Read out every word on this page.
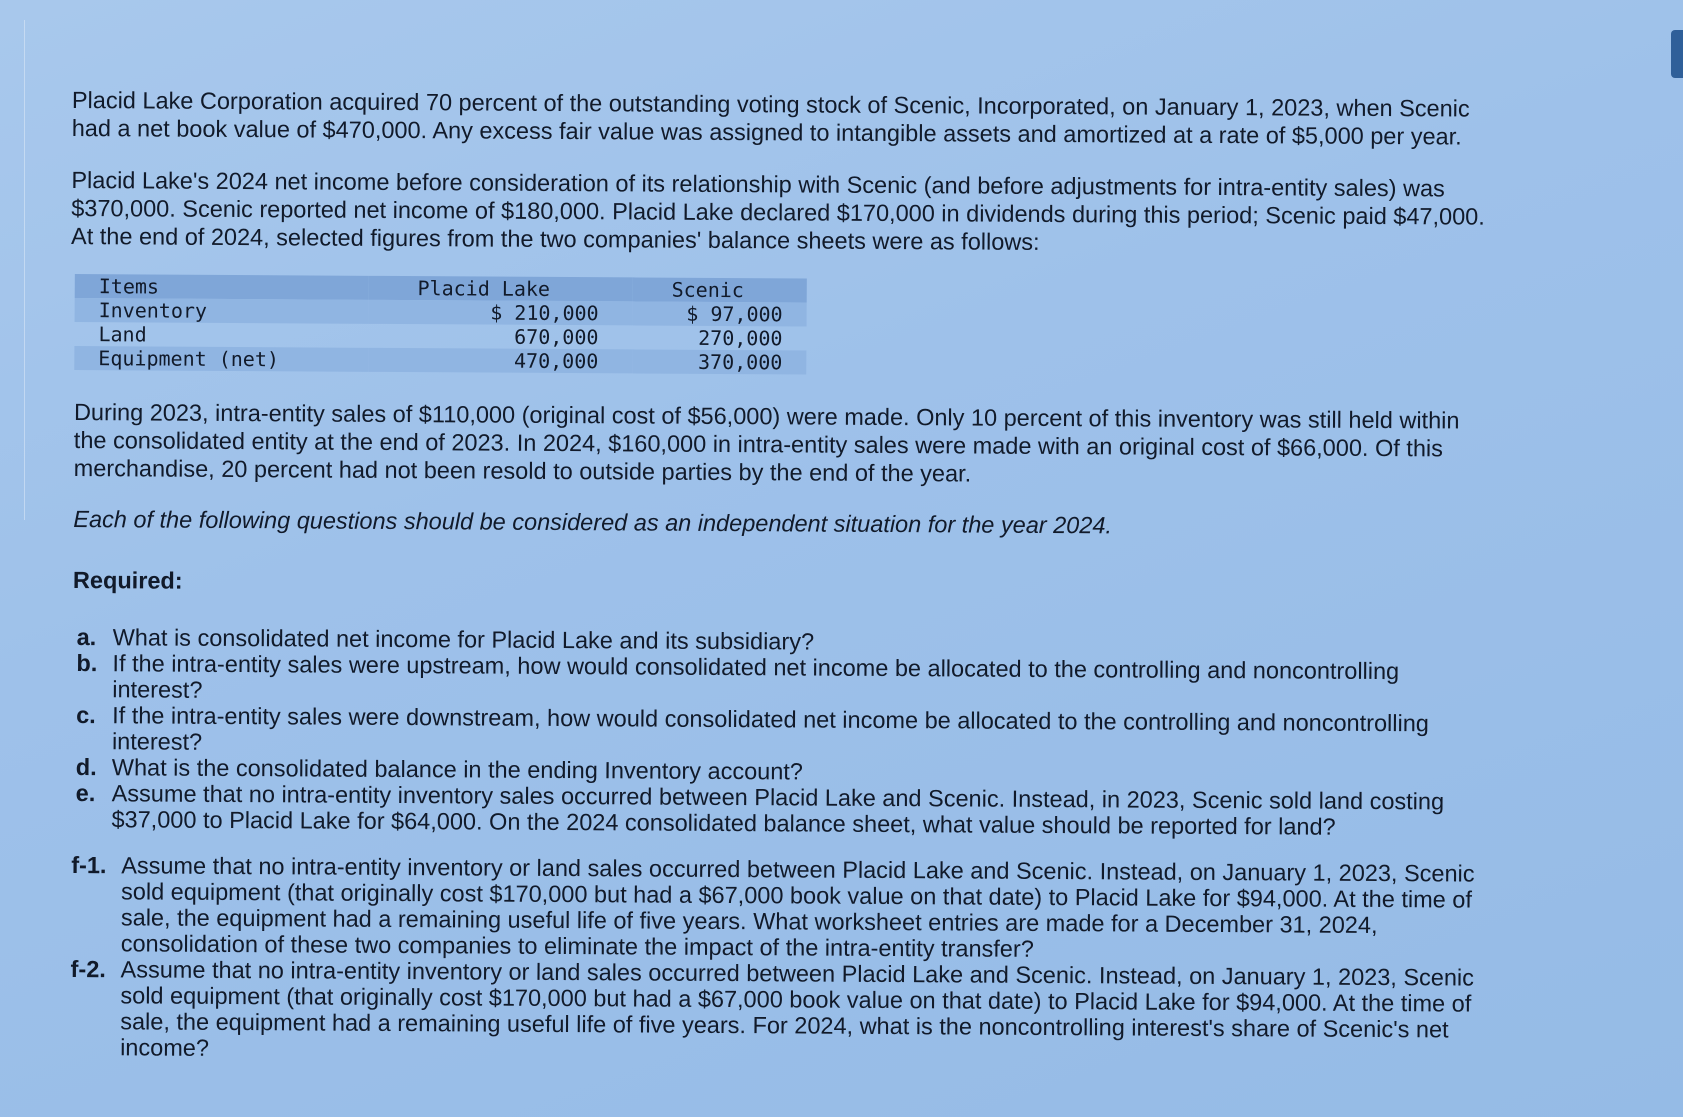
Placid Lake Corporation acquired 70 percent of the outstanding voting stock of Scenic, Incorporated, on January 1, 2023, when Scenic had a net book value of $470,000. Any excess fair value was assigned to intangible assets and amortized at a rate of $5,000 per year.

Placid Lake's 2024 net income before consideration of its relationship with Scenic (and before adjustments for intra-entity sales) was $370,000. Scenic reported net income of $180,000. Placid Lake declared $170,000 in dividends during this period; Scenic paid $47,000. At the end of 2024, selected figures from the two companies' balance sheets were as follows:

Items	Placid Lake	Scenic
Inventory	$ 210,000	$ 97,000
Land	670,000	270,000
Equipment (net)	470,000	370,000

During 2023, intra-entity sales of $110,000 (original cost of $56,000) were made. Only 10 percent of this inventory was still held within the consolidated entity at the end of 2023. In 2024, $160,000 in intra-entity sales were made with an original cost of $66,000. Of this merchandise, 20 percent had not been resold to outside parties by the end of the year.

Each of the following questions should be considered as an independent situation for the year 2024.

Required:

a. What is consolidated net income for Placid Lake and its subsidiary?
b. If the intra-entity sales were upstream, how would consolidated net income be allocated to the controlling and noncontrolling interest?
c. If the intra-entity sales were downstream, how would consolidated net income be allocated to the controlling and noncontrolling interest?
d. What is the consolidated balance in the ending Inventory account?
e. Assume that no intra-entity inventory sales occurred between Placid Lake and Scenic. Instead, in 2023, Scenic sold land costing $37,000 to Placid Lake for $64,000. On the 2024 consolidated balance sheet, what value should be reported for land?
f-1. Assume that no intra-entity inventory or land sales occurred between Placid Lake and Scenic. Instead, on January 1, 2023, Scenic sold equipment (that originally cost $170,000 but had a $67,000 book value on that date) to Placid Lake for $94,000. At the time of sale, the equipment had a remaining useful life of five years. What worksheet entries are made for a December 31, 2024, consolidation of these two companies to eliminate the impact of the intra-entity transfer?
f-2. Assume that no intra-entity inventory or land sales occurred between Placid Lake and Scenic. Instead, on January 1, 2023, Scenic sold equipment (that originally cost $170,000 but had a $67,000 book value on that date) to Placid Lake for $94,000. At the time of sale, the equipment had a remaining useful life of five years. For 2024, what is the noncontrolling interest's share of Scenic's net income?
